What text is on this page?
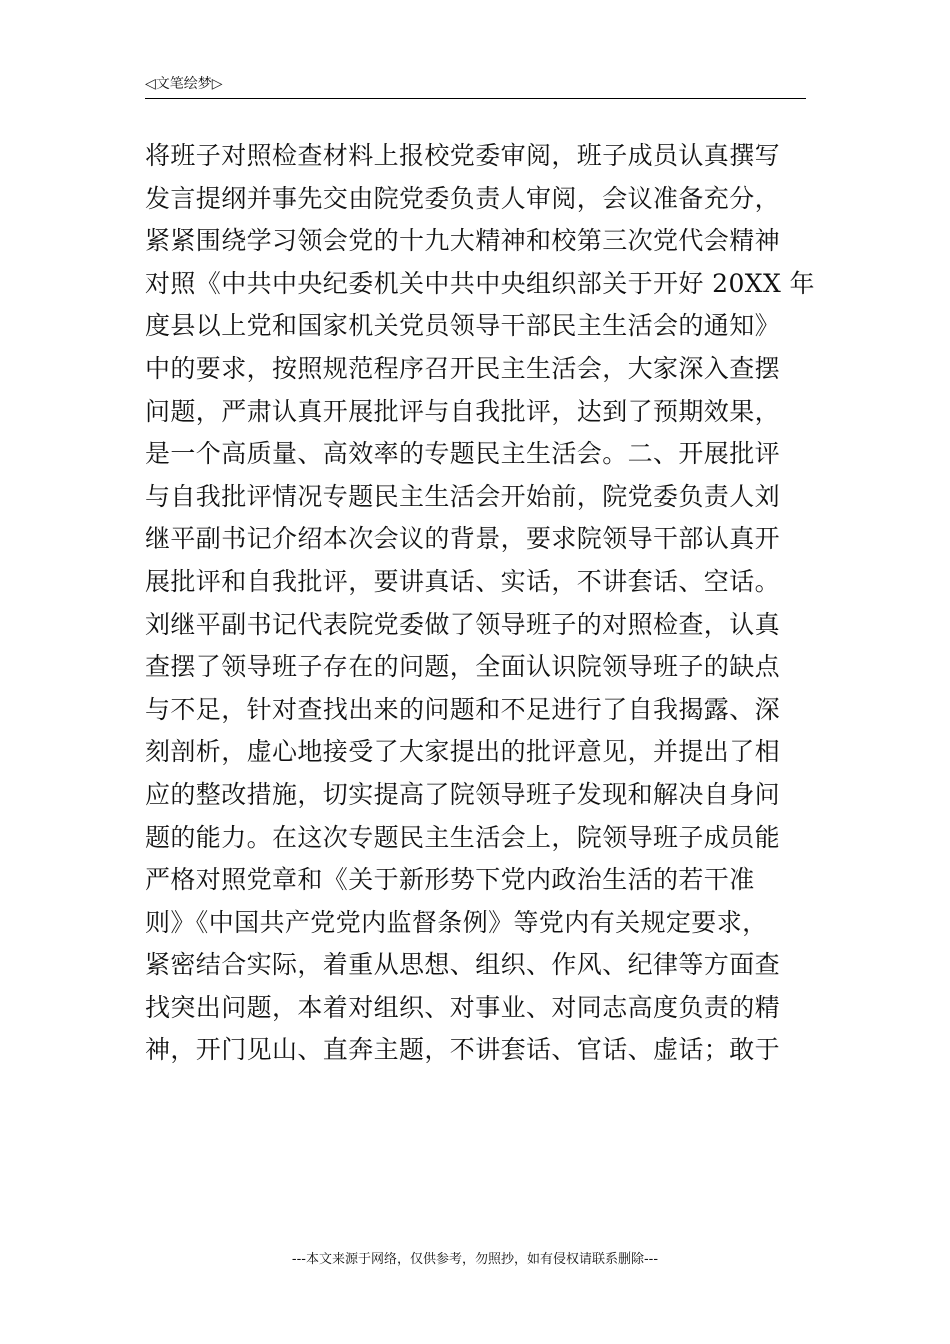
◁文笔绘梦▷
将班子对照检查材料上报校党委审阅，班子成员认真撰写
发言提纲并事先交由院党委负责人审阅，会议准备充分，
紧紧围绕学习领会党的十九大精神和校第三次党代会精神
对照《中共中央纪委机关中共中央组织部关于开好 20XX 年
度县以上党和国家机关党员领导干部民主生活会的通知》
中的要求，按照规范程序召开民主生活会，大家深入查摆
问题，严肃认真开展批评与自我批评，达到了预期效果，
是一个高质量、高效率的专题民主生活会。二、开展批评
与自我批评情况专题民主生活会开始前，院党委负责人刘
继平副书记介绍本次会议的背景，要求院领导干部认真开
展批评和自我批评，要讲真话、实话，不讲套话、空话。
刘继平副书记代表院党委做了领导班子的对照检查，认真
查摆了领导班子存在的问题，全面认识院领导班子的缺点
与不足，针对查找出来的问题和不足进行了自我揭露、深
刻剖析，虚心地接受了大家提出的批评意见，并提出了相
应的整改措施，切实提高了院领导班子发现和解决自身问
题的能力。在这次专题民主生活会上，院领导班子成员能
严格对照党章和《关于新形势下党内政治生活的若干准
则》《中国共产党党内监督条例》等党内有关规定要求，
紧密结合实际，着重从思想、组织、作风、纪律等方面查
找突出问题，本着对组织、对事业、对同志高度负责的精
神，开门见山、直奔主题，不讲套话、官话、虚话；敢于
---本文来源于网络，仅供参考，勿照抄，如有侵权请联系删除---
